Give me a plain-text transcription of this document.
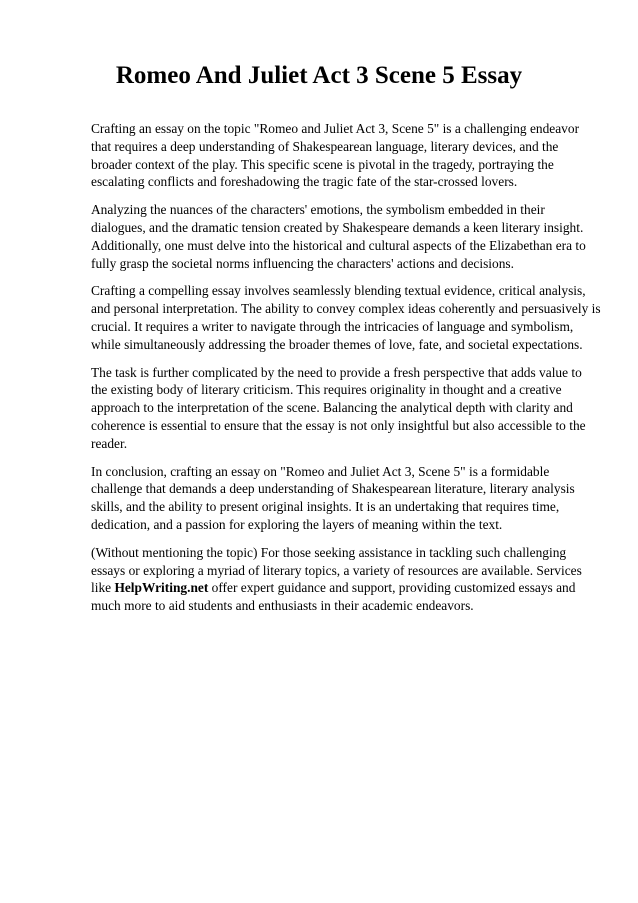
Romeo And Juliet Act 3 Scene 5 Essay

Crafting an essay on the topic "Romeo and Juliet Act 3, Scene 5" is a challenging endeavor that requires a deep understanding of Shakespearean language, literary devices, and the broader context of the play. This specific scene is pivotal in the tragedy, portraying the escalating conflicts and foreshadowing the tragic fate of the star-crossed lovers.

Analyzing the nuances of the characters' emotions, the symbolism embedded in their dialogues, and the dramatic tension created by Shakespeare demands a keen literary insight. Additionally, one must delve into the historical and cultural aspects of the Elizabethan era to fully grasp the societal norms influencing the characters' actions and decisions.

Crafting a compelling essay involves seamlessly blending textual evidence, critical analysis, and personal interpretation. The ability to convey complex ideas coherently and persuasively is crucial. It requires a writer to navigate through the intricacies of language and symbolism, while simultaneously addressing the broader themes of love, fate, and societal expectations.

The task is further complicated by the need to provide a fresh perspective that adds value to the existing body of literary criticism. This requires originality in thought and a creative approach to the interpretation of the scene. Balancing the analytical depth with clarity and coherence is essential to ensure that the essay is not only insightful but also accessible to the reader.

In conclusion, crafting an essay on "Romeo and Juliet Act 3, Scene 5" is a formidable challenge that demands a deep understanding of Shakespearean literature, literary analysis skills, and the ability to present original insights. It is an undertaking that requires time, dedication, and a passion for exploring the layers of meaning within the text.

(Without mentioning the topic) For those seeking assistance in tackling such challenging essays or exploring a myriad of literary topics, a variety of resources are available. Services like HelpWriting.net offer expert guidance and support, providing customized essays and much more to aid students and enthusiasts in their academic endeavors.
